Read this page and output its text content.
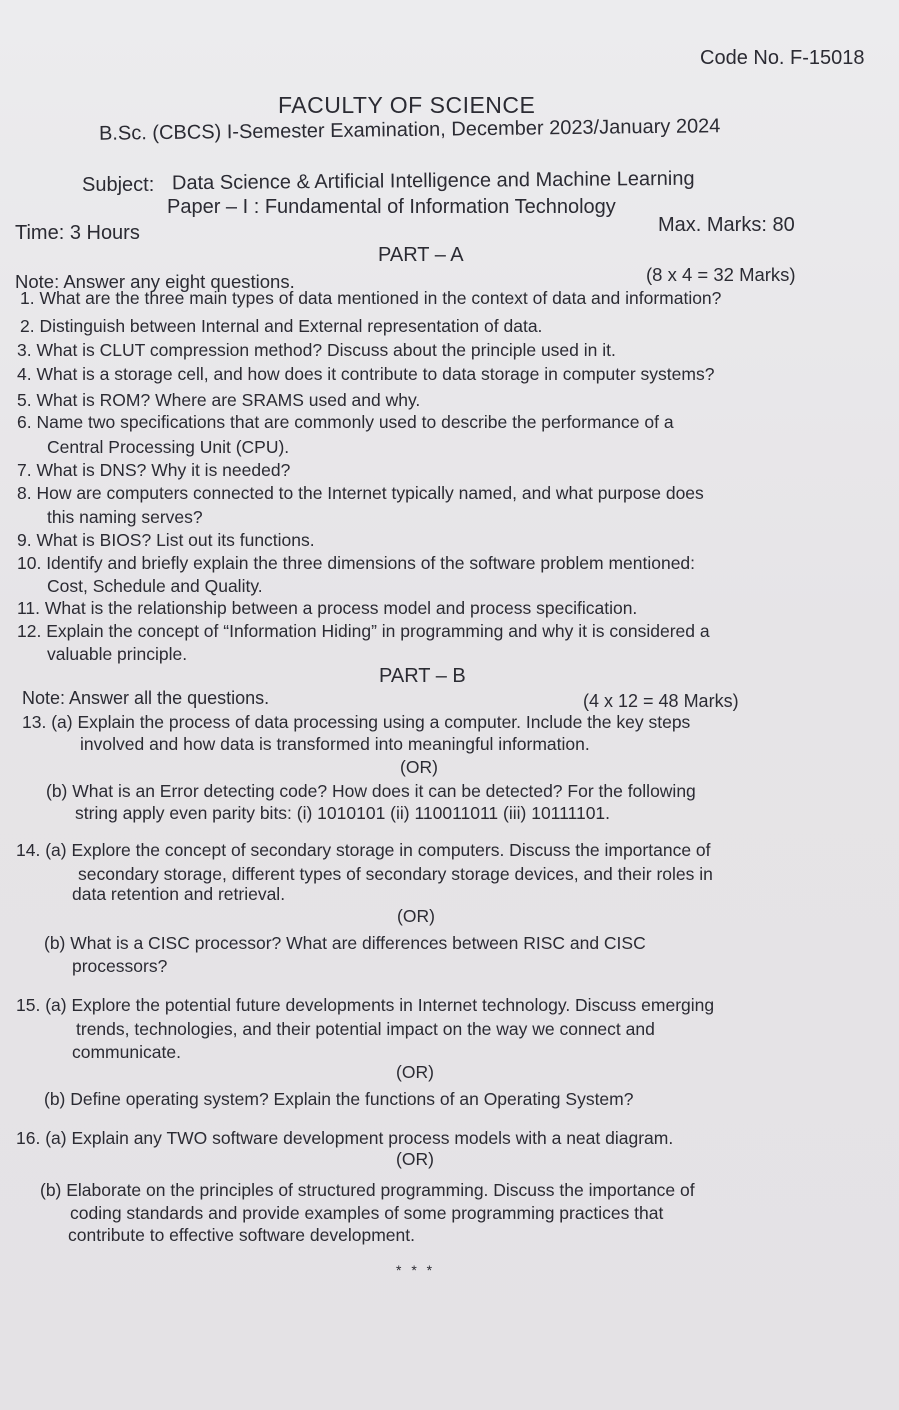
Code No. F-15018
FACULTY OF SCIENCE
B.Sc. (CBCS) I-Semester Examination, December 2023/January 2024
Subject: Data Science & Artificial Intelligence and Machine Learning
Paper – I : Fundamental of Information Technology
Time: 3 Hours	Max. Marks: 80
PART – A
Note: Answer any eight questions.	(8 x 4 = 32 Marks)
1. What are the three main types of data mentioned in the context of data and information?
2. Distinguish between Internal and External representation of data.
3. What is CLUT compression method? Discuss about the principle used in it.
4. What is a storage cell, and how does it contribute to data storage in computer systems?
5. What is ROM? Where are SRAMS used and why.
6. Name two specifications that are commonly used to describe the performance of a
Central Processing Unit (CPU).
7. What is DNS? Why it is needed?
8. How are computers connected to the Internet typically named, and what purpose does
this naming serves?
9. What is BIOS? List out its functions.
10. Identify and briefly explain the three dimensions of the software problem mentioned:
Cost, Schedule and Quality.
11. What is the relationship between a process model and process specification.
12. Explain the concept of “Information Hiding” in programming and why it is considered a
valuable principle.
PART – B
Note: Answer all the questions.	(4 x 12 = 48 Marks)
13. (a) Explain the process of data processing using a computer. Include the key steps
involved and how data is transformed into meaningful information.
(OR)
(b) What is an Error detecting code? How does it can be detected? For the following
string apply even parity bits: (i) 1010101 (ii) 110011011 (iii) 10111101.
14. (a) Explore the concept of secondary storage in computers. Discuss the importance of
secondary storage, different types of secondary storage devices, and their roles in
data retention and retrieval.
(OR)
(b) What is a CISC processor? What are differences between RISC and CISC
processors?
15. (a) Explore the potential future developments in Internet technology. Discuss emerging
trends, technologies, and their potential impact on the way we connect and
communicate.
(OR)
(b) Define operating system? Explain the functions of an Operating System?
16. (a) Explain any TWO software development process models with a neat diagram.
(OR)
(b) Elaborate on the principles of structured programming. Discuss the importance of
coding standards and provide examples of some programming practices that
contribute to effective software development.
* * *
